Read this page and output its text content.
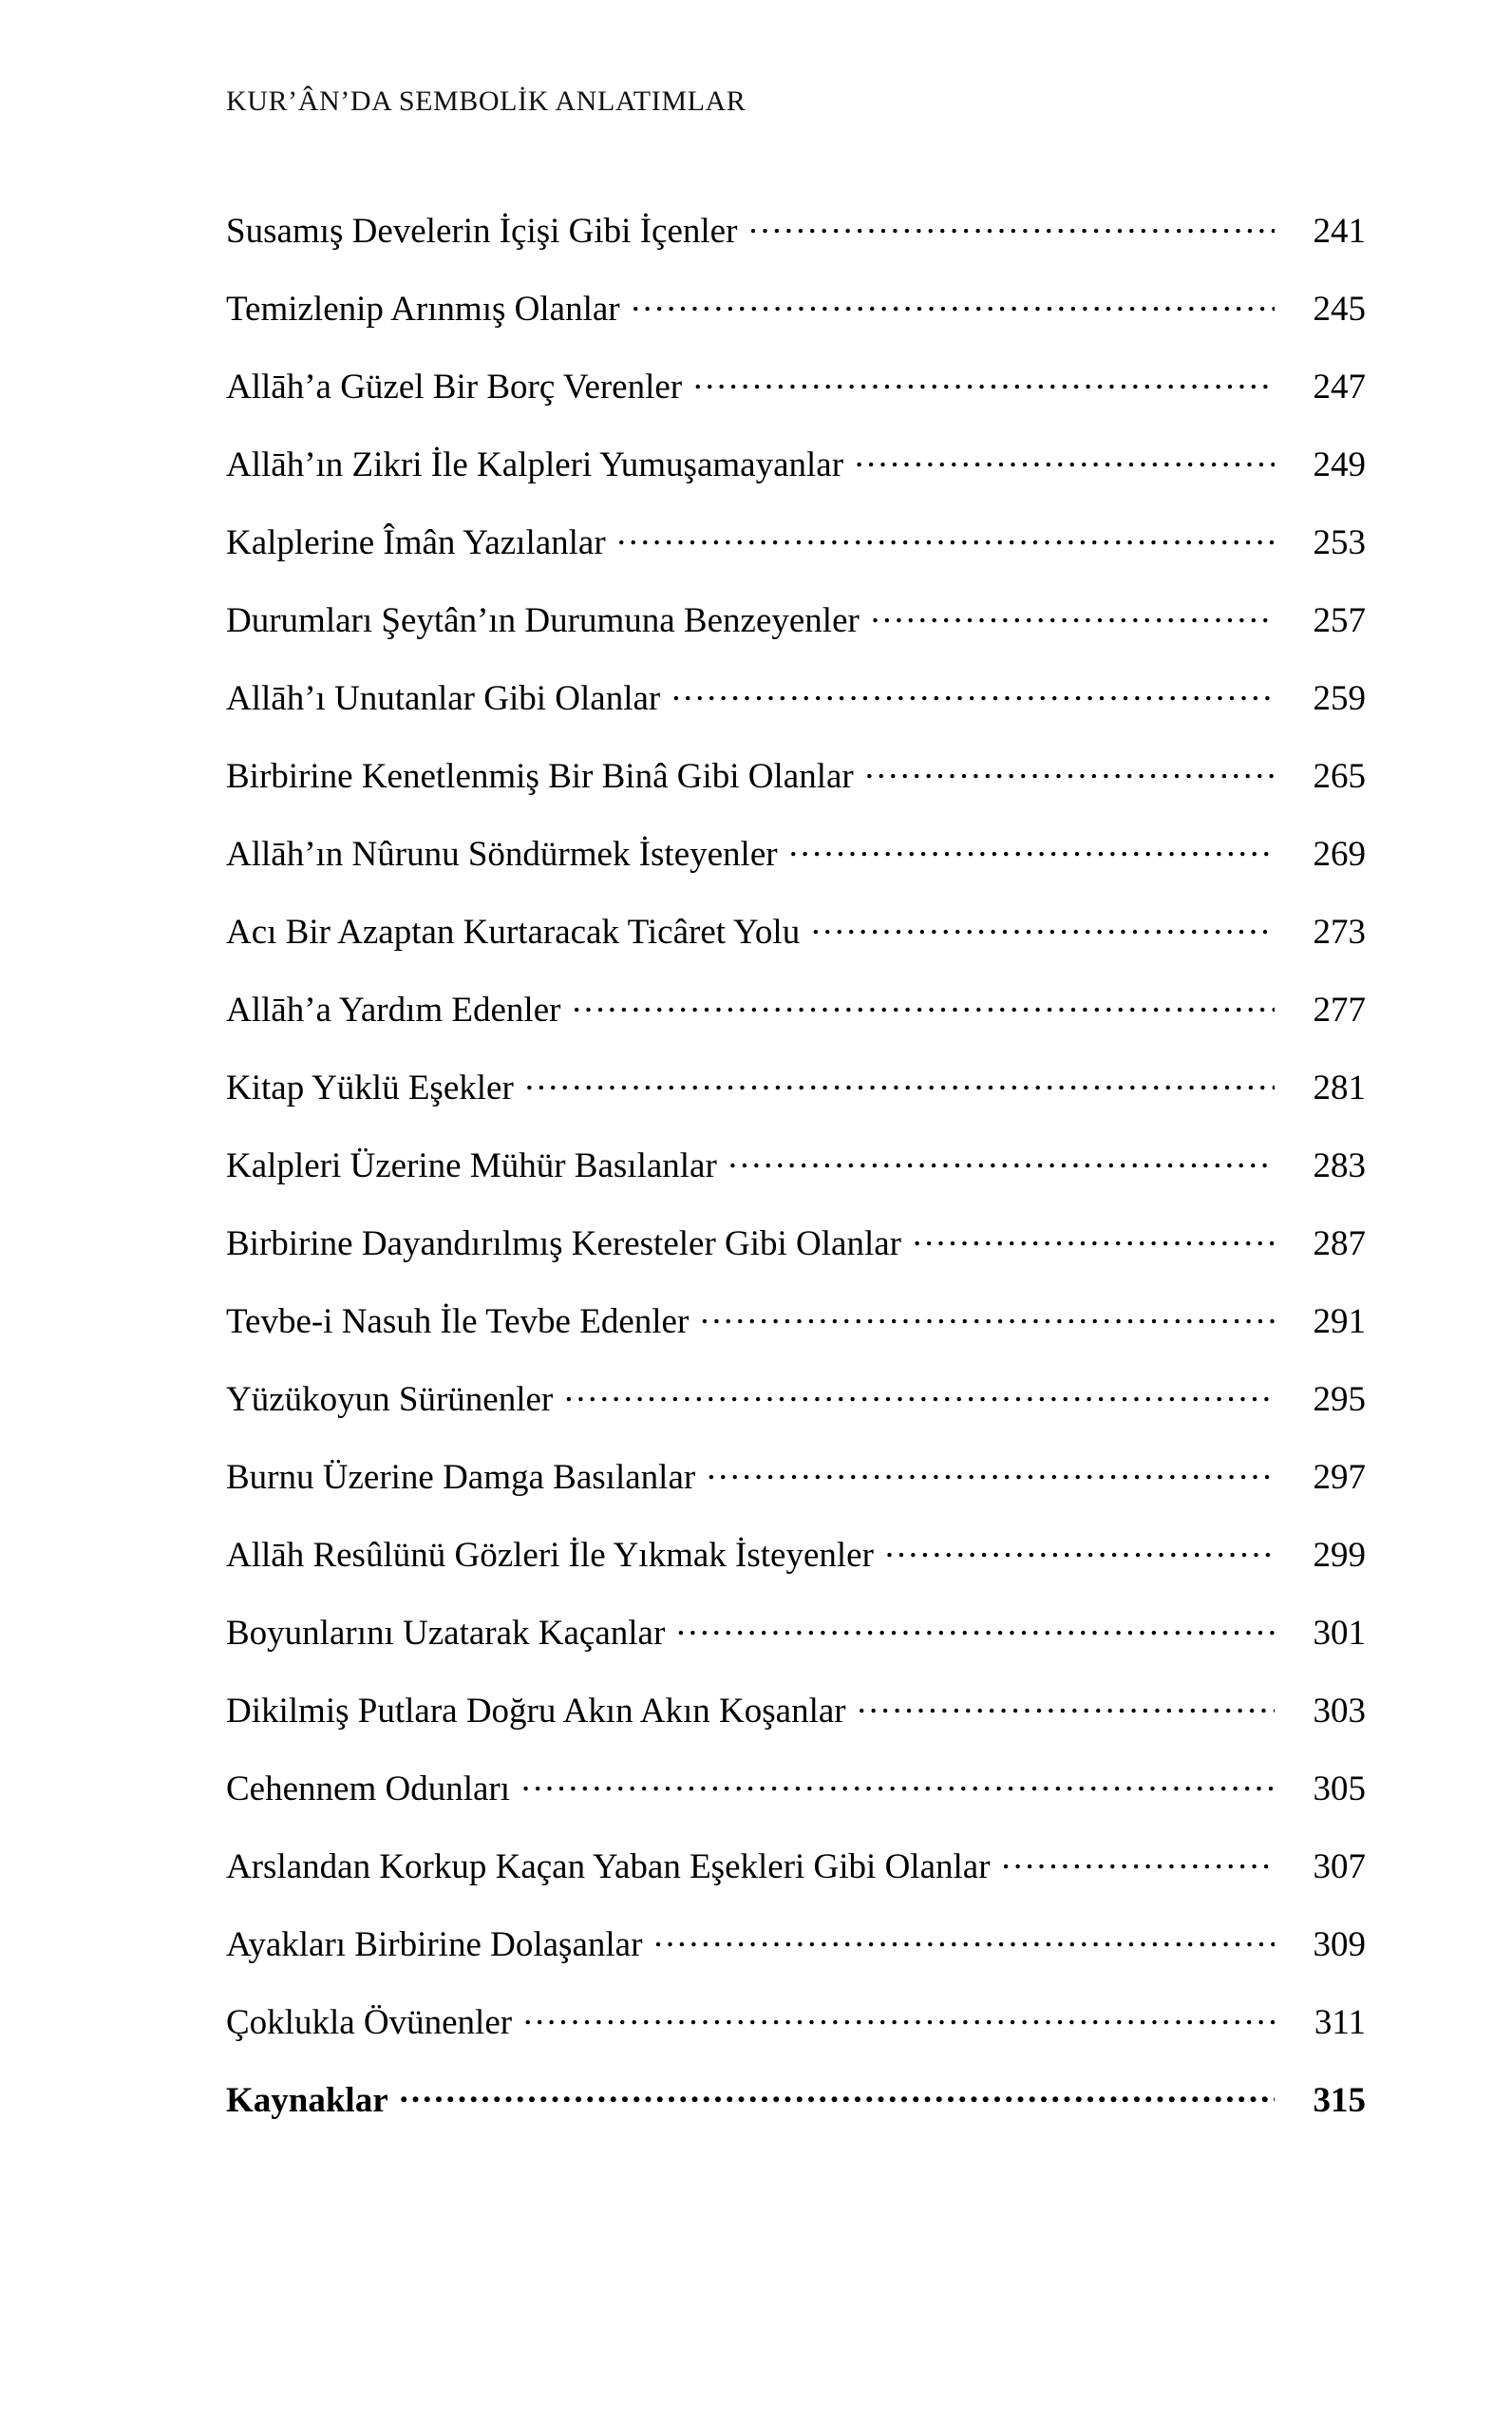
KUR’ÂN’DA SEMBOLİK ANLATIMLAR
Susamış Develerin İçişi Gibi İçenler .....	241
Temizlenip Arınmış Olanlar .....	245
Allāh’a Güzel Bir Borç Verenler .....	247
Allāh’ın Zikri İle Kalpleri Yumuşamayanlar .....	249
Kalplerine Îmân Yazılanlar .....	253
Durumları Şeytân’ın Durumuna Benzeyenler .....	257
Allāh’ı Unutanlar Gibi Olanlar .....	259
Birbirine Kenetlenmiş Bir Binâ Gibi Olanlar .....	265
Allāh’ın Nûrunu Söndürmek İsteyenler .....	269
Acı Bir Azaptan Kurtaracak Ticâret Yolu .....	273
Allāh’a Yardım Edenler .....	277
Kitap Yüklü Eşekler .....	281
Kalpleri Üzerine Mühür Basılanlar .....	283
Birbirine Dayandırılmış Keresteler Gibi Olanlar .....	287
Tevbe-i Nasuh İle Tevbe Edenler .....	291
Yüzükoyun Sürünenler .....	295
Burnu Üzerine Damga Basılanlar .....	297
Allāh Resûlünü Gözleri İle Yıkmak İsteyenler .....	299
Boyunlarını Uzatarak Kaçanlar .....	301
Dikilmiş Putlara Doğru Akın Akın Koşanlar .....	303
Cehennem Odunları .....	305
Arslandan Korkup Kaçan Yaban Eşekleri Gibi Olanlar .....	307
Ayakları Birbirine Dolaşanlar .....	309
Çoklukla Övünenler .....	311
Kaynaklar .....	315
